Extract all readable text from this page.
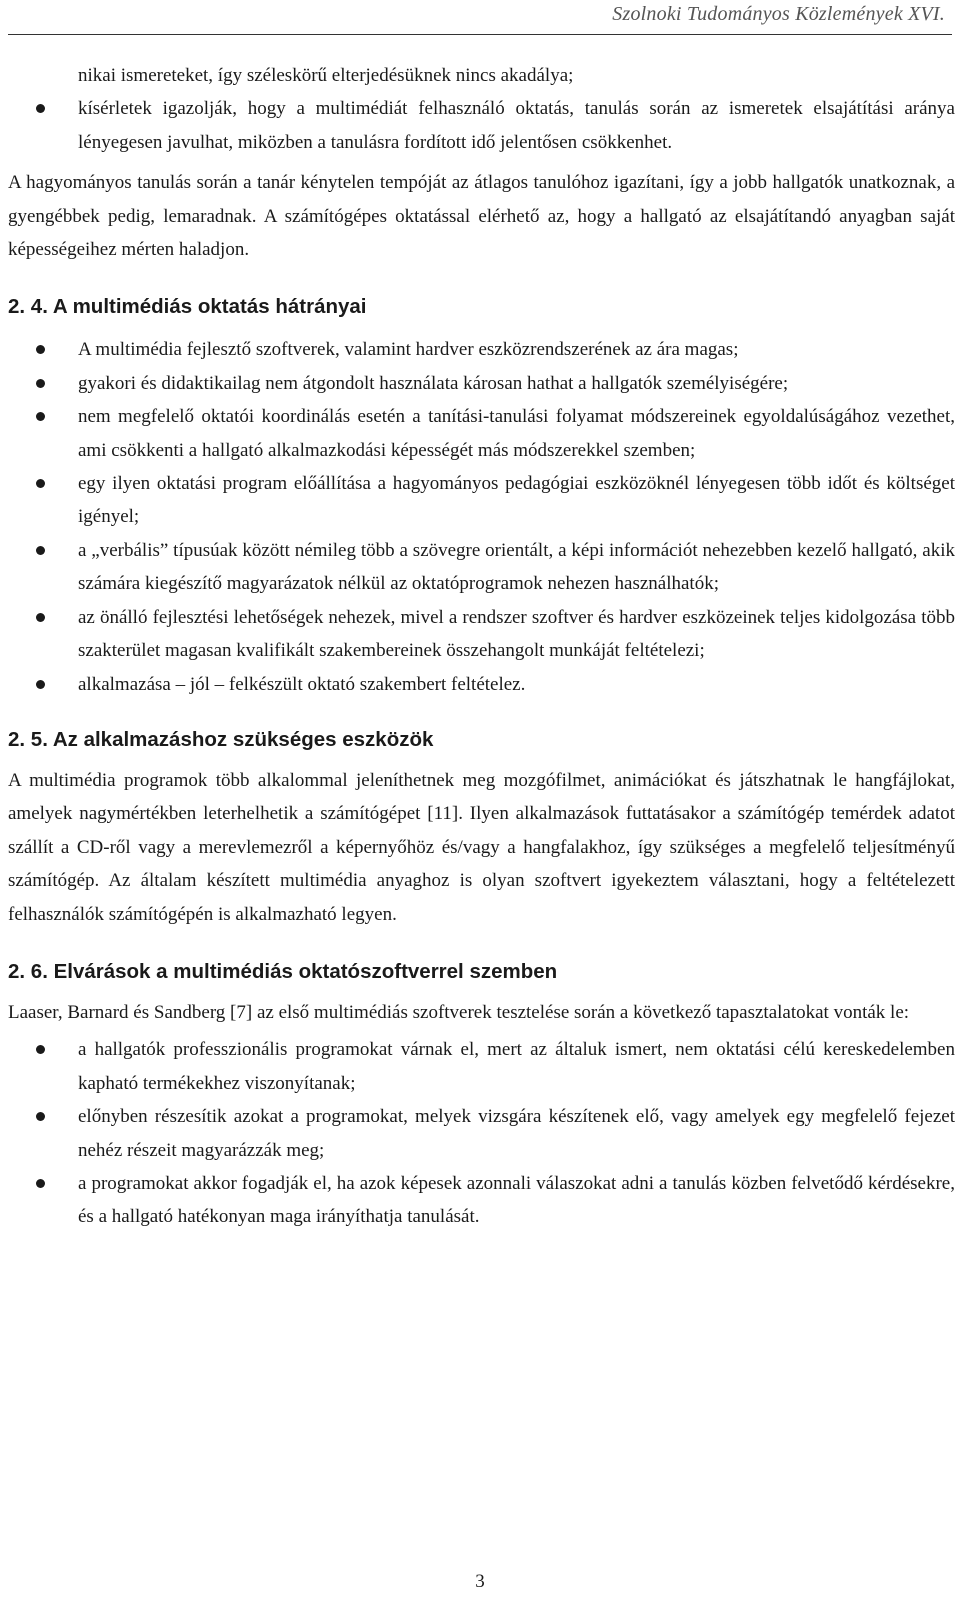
Szolnoki Tudományos Közlemények XVI.
nikai ismereteket, így széleskörű elterjedésüknek nincs akadálya;
kísérletek igazolják, hogy a multimédiát felhasználó oktatás, tanulás során az ismeretek elsajátítási aránya lényegesen javulhat, miközben a tanulásra fordított idő jelentősen csökkenhet.

A hagyományos tanulás során a tanár kénytelen tempóját az átlagos tanulóhoz igazítani, így a jobb hallgatók unatkoznak, a gyengébbek pedig, lemaradnak. A számítógépes oktatással elérhető az, hogy a hallgató az elsajátítandó anyagban saját képességeihez mérten haladjon.

2. 4. A multimédiás oktatás hátrányai
A multimédia fejlesztő szoftverek, valamint hardver eszközrendszerének az ára magas;
gyakori és didaktikailag nem átgondolt használata károsan hathat a hallgatók személyiségére;
nem megfelelő oktatói koordinálás esetén a tanítási-tanulási folyamat módszereinek egyoldalúságához vezethet, ami csökkenti a hallgató alkalmazkodási képességét más módszerekkel szemben;
egy ilyen oktatási program előállítása a hagyományos pedagógiai eszközöknél lényegesen több időt és költséget igényel;
a „verbális” típusúak között némileg több a szövegre orientált, a képi információt nehezebben kezelő hallgató, akik számára kiegészítő magyarázatok nélkül az oktatóprogramok nehezen használhatók;
az önálló fejlesztési lehetőségek nehezek, mivel a rendszer szoftver és hardver eszközeinek teljes kidolgozása több szakterület magasan kvalifikált szakembereinek összehangolt munkáját feltételezi;
alkalmazása – jól – felkészült oktató szakembert feltételez.
2. 5. Az alkalmazáshoz szükséges eszközök

A multimédia programok több alkalommal jeleníthetnek meg mozgófilmet, animációkat és játszhatnak le hangfájlokat, amelyek nagymértékben leterhelhetik a számítógépet [11]. Ilyen alkalmazások futtatásakor a számítógép temérdek adatot szállít a CD-ről vagy a merevlemezről a képernyőhöz és/vagy a hangfalakhoz, így szükséges a megfelelő teljesítményű számítógép. Az általam készített multimédia anyaghoz is olyan szoftvert igyekeztem választani, hogy a feltételezett felhasználók számítógépén is alkalmazható legyen.

2. 6. Elvárások a multimédiás oktatószoftverrel szemben

Laaser, Barnard és Sandberg [7] az első multimédiás szoftverek tesztelése során a következő tapasztalatokat vonták le:

a hallgatók professzionális programokat várnak el, mert az általuk ismert, nem oktatási célú kereskedelemben kapható termékekhez viszonyítanak;
előnyben részesítik azokat a programokat, melyek vizsgára készítenek elő, vagy amelyek egy megfelelő fejezet nehéz részeit magyarázzák meg;
a programokat akkor fogadják el, ha azok képesek azonnali válaszokat adni a tanulás közben felvetődő kérdésekre, és a hallgató hatékonyan maga irányíthatja tanulását.
3
